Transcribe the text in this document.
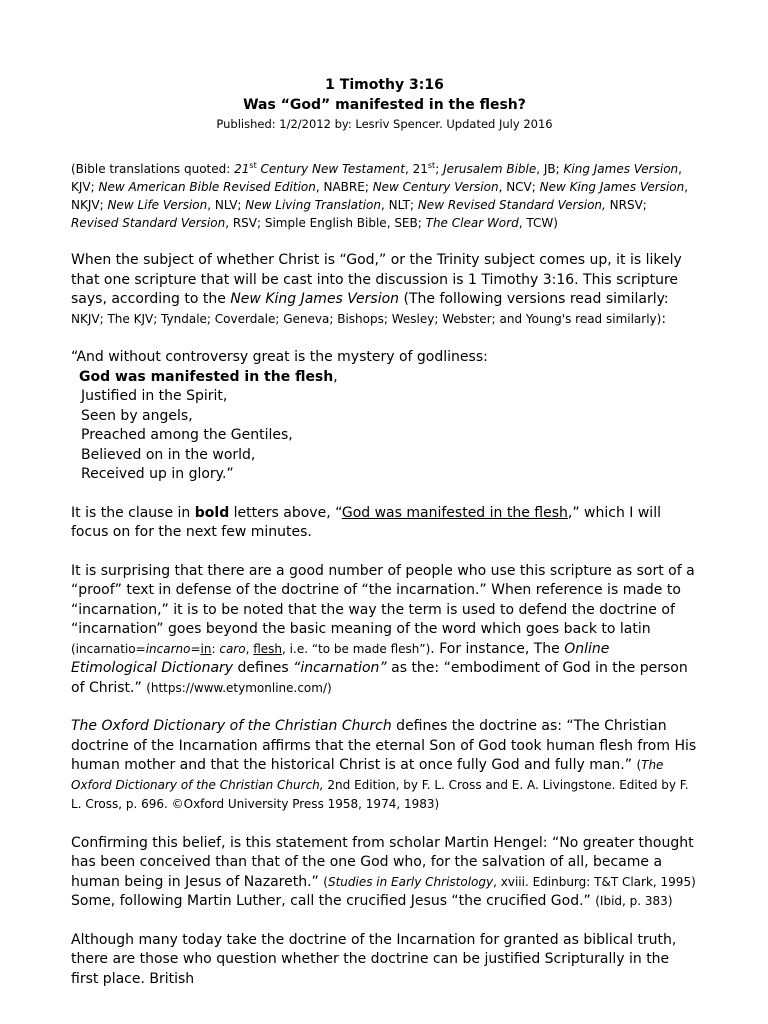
1 Timothy 3:16
Was “God” manifested in the flesh?
Published: 1/2/2012 by: Lesriv Spencer. Updated July 2016

(Bible translations quoted: 21st Century New Testament, 21st; Jerusalem Bible, JB; King James Version, KJV; New American Bible Revised Edition, NABRE; New Century Version, NCV; New King James Version, NKJV; New Life Version, NLV; New Living Translation, NLT; New Revised Standard Version, NRSV; Revised Standard Version, RSV; Simple English Bible, SEB; The Clear Word, TCW)

When the subject of whether Christ is “God,” or the Trinity subject comes up, it is likely that one scripture that will be cast into the discussion is 1 Timothy 3:16. This scripture says, according to the New King James Version (The following versions read similarly: NKJV; The KJV; Tyndale; Coverdale; Geneva; Bishops; Wesley; Webster; and Young's read similarly):

“And without controversy great is the mystery of godliness:

God was manifested in the flesh,

Justified in the Spirit,

Seen by angels,

Preached among the Gentiles,

Believed on in the world,

Received up in glory.”

It is the clause in bold letters above, “God was manifested in the flesh,” which I will focus on for the next few minutes.

It is surprising that there are a good number of people who use this scripture as sort of a “proof” text in defense of the doctrine of “the incarnation.” When reference is made to “incarnation,” it is to be noted that the way the term is used to defend the doctrine of “incarnation” goes beyond the basic meaning of the word which goes back to latin (incarnatio=incarno=in: caro, flesh, i.e. “to be made flesh”). For instance, The Online Etimological Dictionary defines “incarnation” as the: “embodiment of God in the person of Christ.” (https://www.etymonline.com/)

The Oxford Dictionary of the Christian Church defines the doctrine as: “The Christian doctrine of the Incarnation affirms that the eternal Son of God took human flesh from His human mother and that the historical Christ is at once fully God and fully man.” (The Oxford Dictionary of the Christian Church, 2nd Edition, by F. L. Cross and E. A. Livingstone. Edited by F. L. Cross, p. 696. ©Oxford University Press 1958, 1974, 1983)

Confirming this belief, is this statement from scholar Martin Hengel: “No greater thought has been conceived than that of the one God who, for the salvation of all, became a human being in Jesus of Nazareth.” (Studies in Early Christology, xviii. Edinburg: T&T Clark, 1995) Some, following Martin Luther, call the crucified Jesus “the crucified God.” (Ibid, p. 383)

Although many today take the doctrine of the Incarnation for granted as biblical truth, there are those who question whether the doctrine can be justified Scripturally in the first place. British
